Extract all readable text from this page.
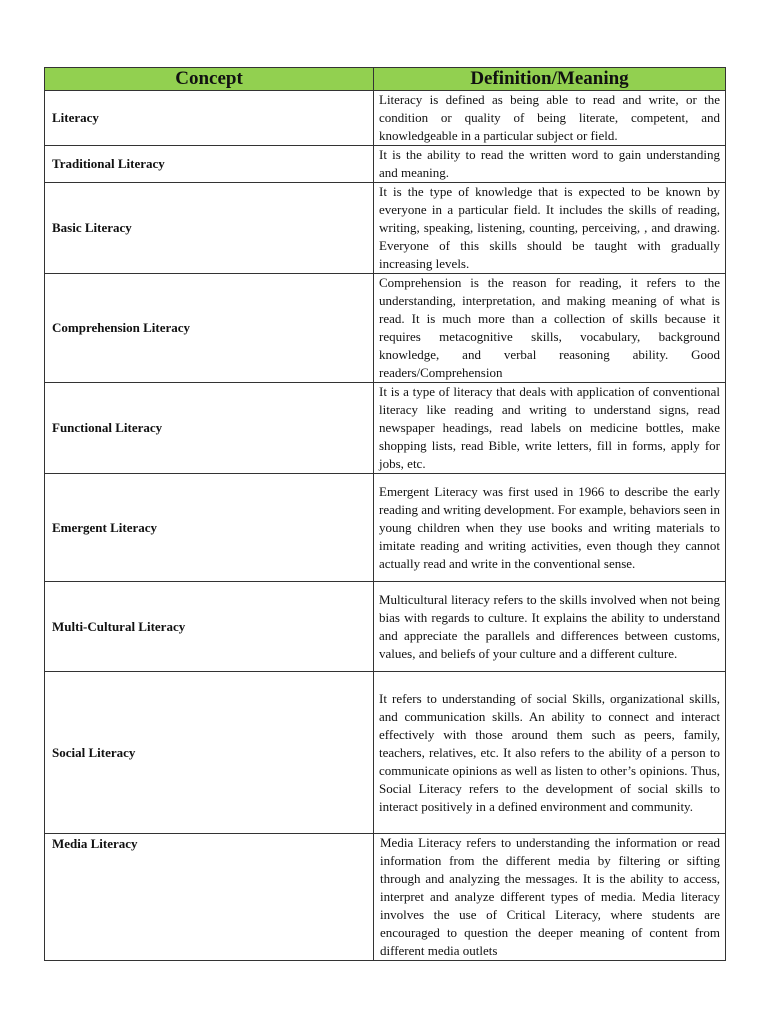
Concept	Definition/Meaning
Literacy	Literacy is defined as being able to read and write, or the condition or quality of being literate, competent, and knowledgeable in a particular subject or field.
Traditional Literacy	It is the ability to read the written word to gain understanding and meaning.
Basic Literacy	It is the type of knowledge that is expected to be known by everyone in a particular field. It includes the skills of reading, writing, speaking, listening, counting, perceiving, , and drawing. Everyone of this skills should be taught with gradually increasing levels.
Comprehension Literacy	Comprehension is the reason for reading, it refers to the understanding, interpretation, and making meaning of what is read. It is much more than a collection of skills because it requires metacognitive skills, vocabulary, background knowledge, and verbal reasoning ability. Good readers/Comprehension
Functional Literacy	It is a type of literacy that deals with application of conventional literacy like reading and writing to understand signs, read newspaper headings, read labels on medicine bottles, make shopping lists, read Bible, write letters, fill in forms, apply for jobs, etc.
Emergent Literacy	Emergent Literacy was first used in 1966 to describe the early reading and writing development. For example, behaviors seen in young children when they use books and writing materials to imitate reading and writing activities, even though they cannot actually read and write in the conventional sense.
Multi-Cultural Literacy	Multicultural literacy refers to the skills involved when not being bias with regards to culture. It explains the ability to understand and appreciate the parallels and differences between customs, values, and beliefs of your culture and a different culture.
Social Literacy	It refers to understanding of social Skills, organizational skills, and communication skills. An ability to connect and interact effectively with those around them such as peers, family, teachers, relatives, etc. It also refers to the ability of a person to communicate opinions as well as listen to other’s opinions. Thus, Social Literacy refers to the development of social skills to interact positively in a defined environment and community.
Media Literacy	Media Literacy refers to understanding the information or read information from the different media by filtering or sifting through and analyzing the messages. It is the ability to access, interpret and analyze different types of media. Media literacy involves the use of Critical Literacy, where students are encouraged to question the deeper meaning of content from different media outlets
